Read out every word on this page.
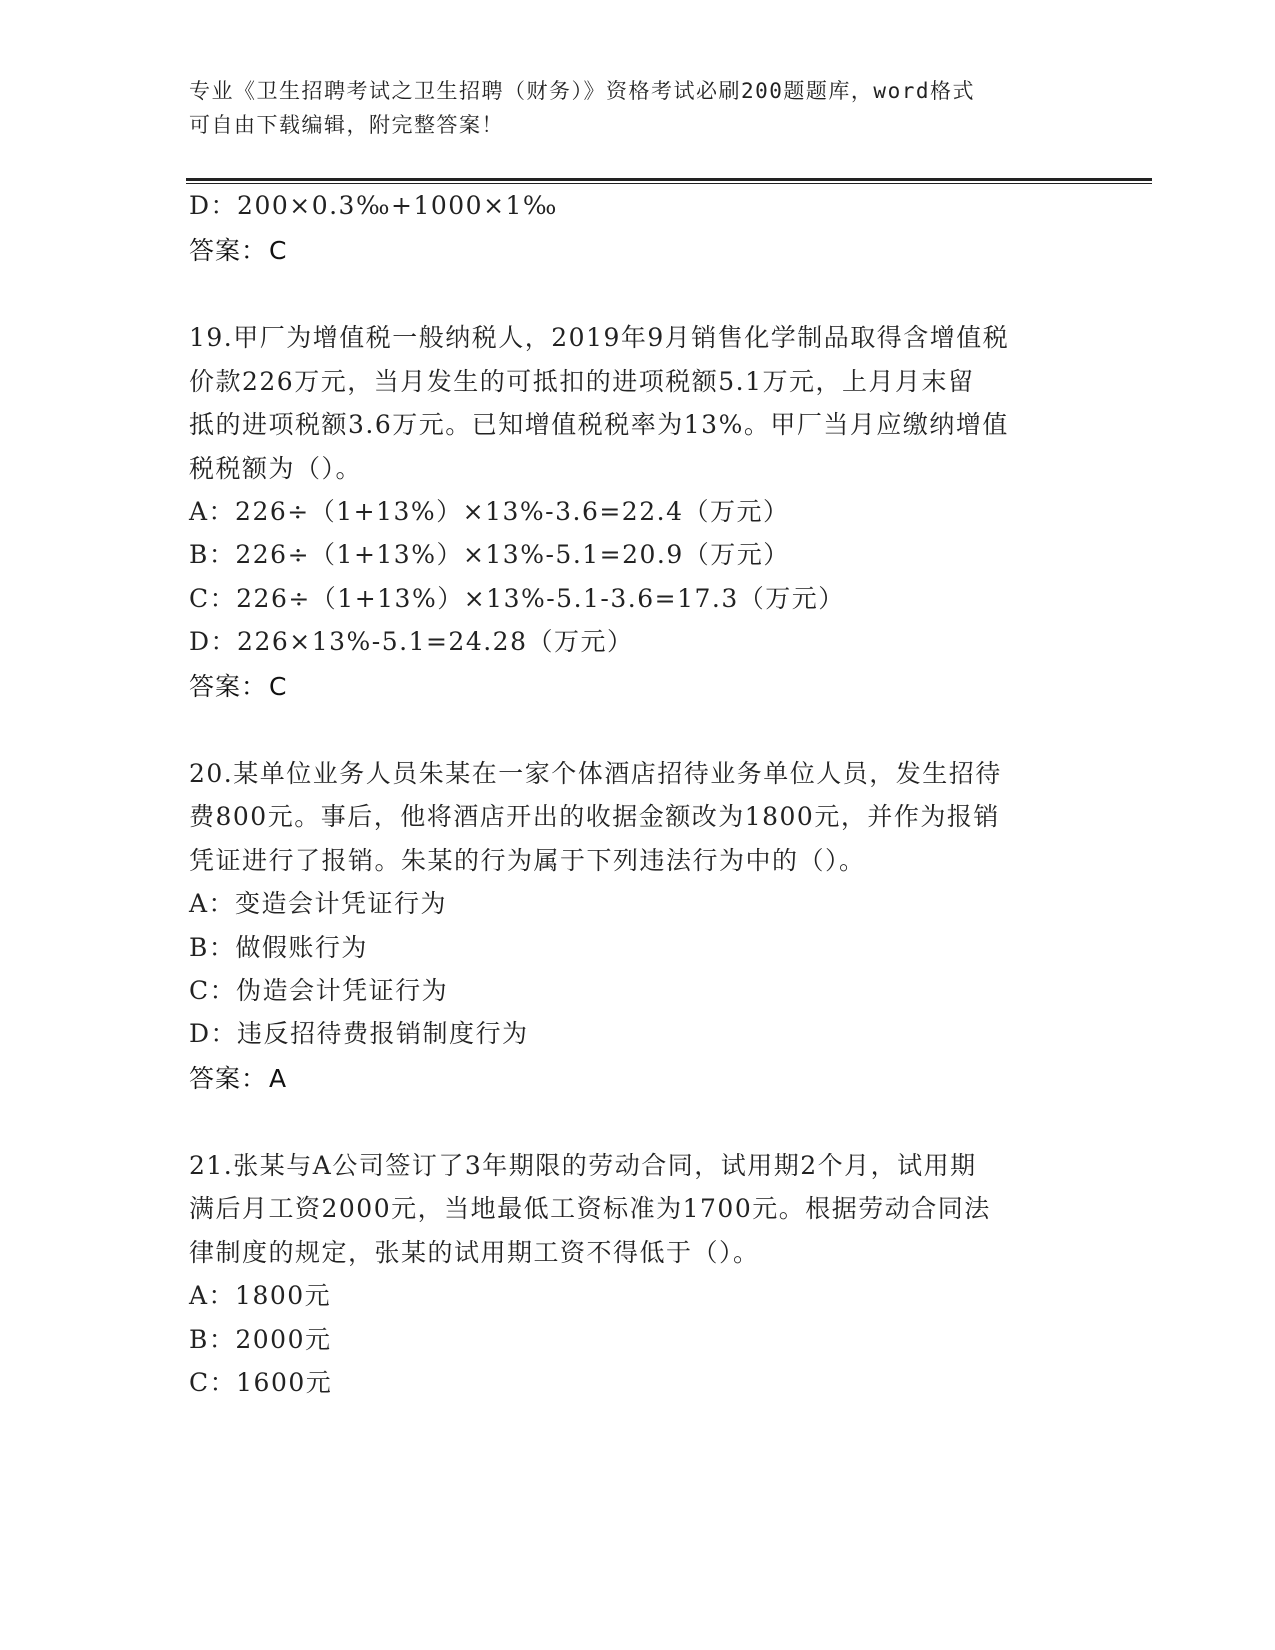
专业《卫生招聘考试之卫生招聘（财务）》资格考试必刷200题题库，word格式
可自由下载编辑，附完整答案！
D：200×0.3‰+1000×1‰
答案：C
19.甲厂为增值税一般纳税人，2019年9月销售化学制品取得含增值税
价款226万元，当月发生的可抵扣的进项税额5.1万元，上月月末留
抵的进项税额3.6万元。已知增值税税率为13%。甲厂当月应缴纳增值
税税额为（）。
A：226÷（1+13%）×13%-3.6=22.4（万元）
B：226÷（1+13%）×13%-5.1=20.9（万元）
C：226÷（1+13%）×13%-5.1-3.6=17.3（万元）
D：226×13%-5.1=24.28（万元）
答案：C
20.某单位业务人员朱某在一家个体酒店招待业务单位人员，发生招待
费800元。事后，他将酒店开出的收据金额改为1800元，并作为报销
凭证进行了报销。朱某的行为属于下列违法行为中的（）。
A：变造会计凭证行为
B：做假账行为
C：伪造会计凭证行为
D：违反招待费报销制度行为
答案：A
21.张某与A公司签订了3年期限的劳动合同，试用期2个月，试用期
满后月工资2000元，当地最低工资标准为1700元。根据劳动合同法
律制度的规定，张某的试用期工资不得低于（）。
A：1800元
B：2000元
C：1600元
